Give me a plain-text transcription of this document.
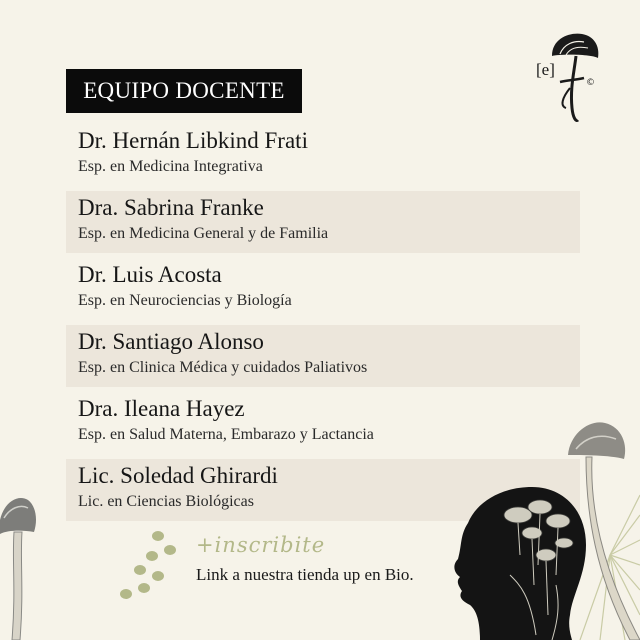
EQUIPO DOCENTE
[e]
©
Dr. Hernán Libkind Frati
Esp. en Medicina Integrativa
Dra. Sabrina Franke
Esp. en Medicina General y de Familia
Dr. Luis Acosta
Esp. en Neurociencias y Biología
Dr. Santiago Alonso
Esp. en Clinica Médica y cuidados Paliativos
Dra. Ileana Hayez
Esp. en Salud Materna, Embarazo y Lactancia
Lic. Soledad Ghirardi
Lic. en Ciencias Biológicas
+inscribite
Link a nuestra tienda up en Bio.
